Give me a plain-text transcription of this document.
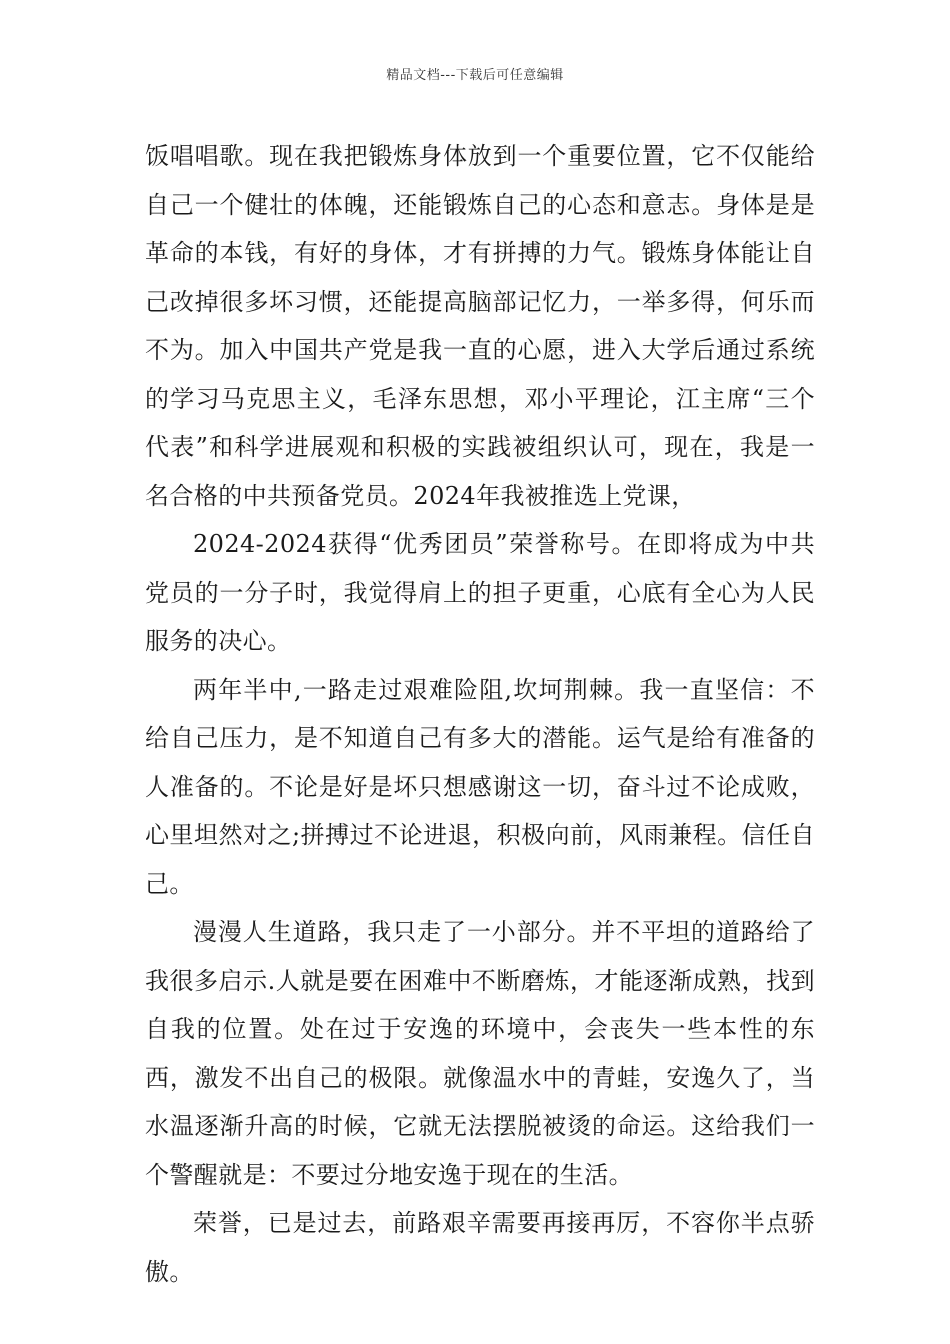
精品文档---下载后可任意编辑

饭唱唱歌。现在我把锻炼身体放到一个重要位置，它不仅能给自己一个健壮的体魄，还能锻炼自己的心态和意志。身体是是革命的本钱，有好的身体，才有拼搏的力气。锻炼身体能让自己改掉很多坏习惯，还能提高脑部记忆力，一举多得，何乐而不为。加入中国共产党是我一直的心愿，进入大学后通过系统的学习马克思主义，毛泽东思想，邓小平理论，江主席“三个代表”和科学进展观和积极的实践被组织认可，现在，我是一名合格的中共预备党员。2024年我被推选上党课，

2024-2024获得“优秀团员”荣誉称号。在即将成为中共党员的一分子时，我觉得肩上的担子更重，心底有全心为人民服务的决心。

两年半中,一路走过艰难险阻,坎坷荆棘。我一直坚信：不给自己压力，是不知道自己有多大的潜能。运气是给有准备的人准备的。不论是好是坏只想感谢这一切，奋斗过不论成败，心里坦然对之;拼搏过不论进退，积极向前，风雨兼程。信任自己。

漫漫人生道路，我只走了一小部分。并不平坦的道路给了我很多启示.人就是要在困难中不断磨炼，才能逐渐成熟，找到自我的位置。处在过于安逸的环境中，会丧失一些本性的东西，激发不出自己的极限。就像温水中的青蛙，安逸久了，当水温逐渐升高的时候，它就无法摆脱被烫的命运。这给我们一个警醒就是：不要过分地安逸于现在的生活。

荣誉，已是过去，前路艰辛需要再接再厉，不容你半点骄傲。
